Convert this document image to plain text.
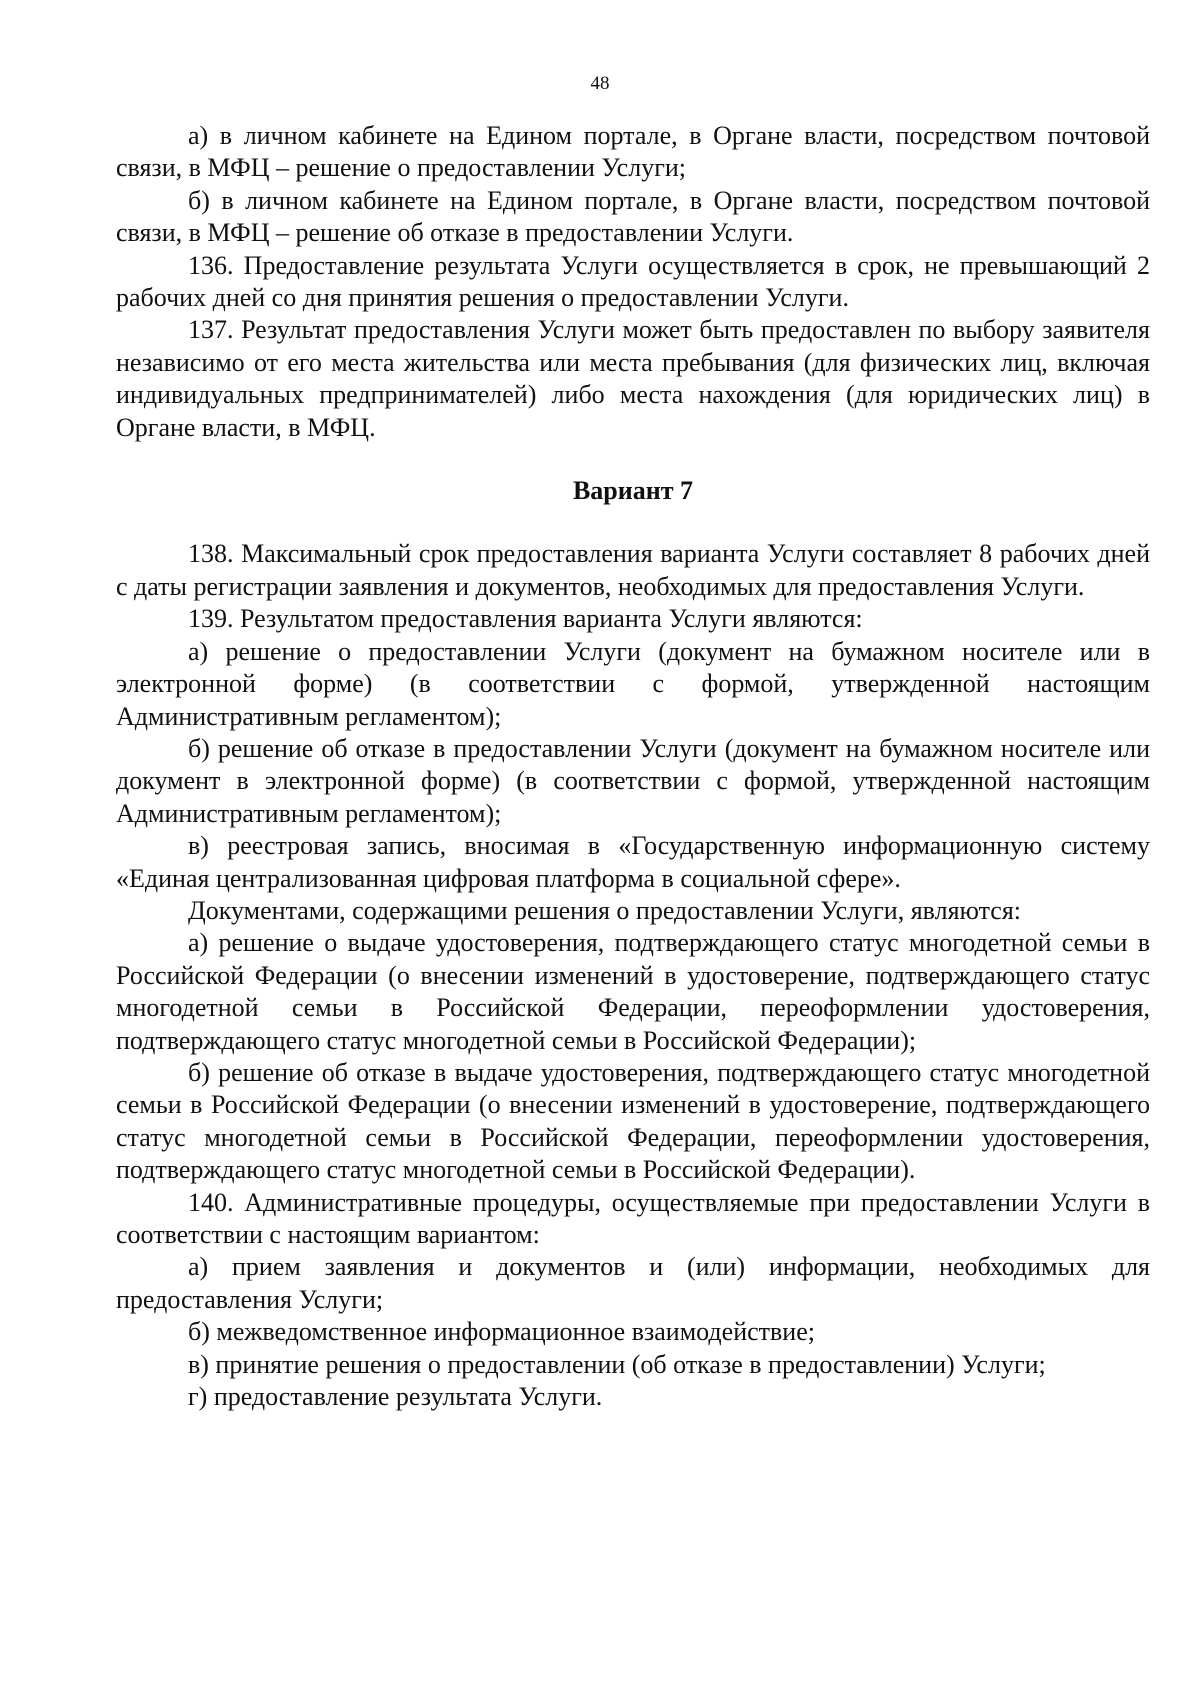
48

а) в личном кабинете на Едином портале, в Органе власти, посредством почтовой связи, в МФЦ – решение о предоставлении Услуги;

б) в личном кабинете на Едином портале, в Органе власти, посредством почтовой связи, в МФЦ – решение об отказе в предоставлении Услуги.

136. Предоставление результата Услуги осуществляется в срок, не превышающий 2 рабочих дней со дня принятия решения о предоставлении Услуги.

137. Результат предоставления Услуги может быть предоставлен по выбору заявителя независимо от его места жительства или места пребывания (для физических лиц, включая индивидуальных предпринимателей) либо места нахождения (для юридических лиц) в Органе власти, в МФЦ.

Вариант 7

138. Максимальный срок предоставления варианта Услуги составляет 8 рабочих дней с даты регистрации заявления и документов, необходимых для предоставления Услуги.

139. Результатом предоставления варианта Услуги являются:

а) решение о предоставлении Услуги (документ на бумажном носителе или в электронной форме) (в соответствии с формой, утвержденной настоящим Административным регламентом);

б) решение об отказе в предоставлении Услуги (документ на бумажном носителе или документ в электронной форме) (в соответствии с формой, утвержденной настоящим Административным регламентом);

в) реестровая запись, вносимая в «Государственную информационную систему «Единая централизованная цифровая платформа в социальной сфере».

Документами, содержащими решения о предоставлении Услуги, являются:

а) решение о выдаче удостоверения, подтверждающего статус многодетной семьи в Российской Федерации (о внесении изменений в удостоверение, подтверждающего статус многодетной семьи в Российской Федерации, переоформлении удостоверения, подтверждающего статус многодетной семьи в Российской Федерации);

б) решение об отказе в выдаче удостоверения, подтверждающего статус многодетной семьи в Российской Федерации (о внесении изменений в удостоверение, подтверждающего статус многодетной семьи в Российской Федерации, переоформлении удостоверения, подтверждающего статус многодетной семьи в Российской Федерации).

140. Административные процедуры, осуществляемые при предоставлении Услуги в соответствии с настоящим вариантом:

а) прием заявления и документов и (или) информации, необходимых для предоставления Услуги;

б) межведомственное информационное взаимодействие;

в) принятие решения о предоставлении (об отказе в предоставлении) Услуги;

г) предоставление результата Услуги.
